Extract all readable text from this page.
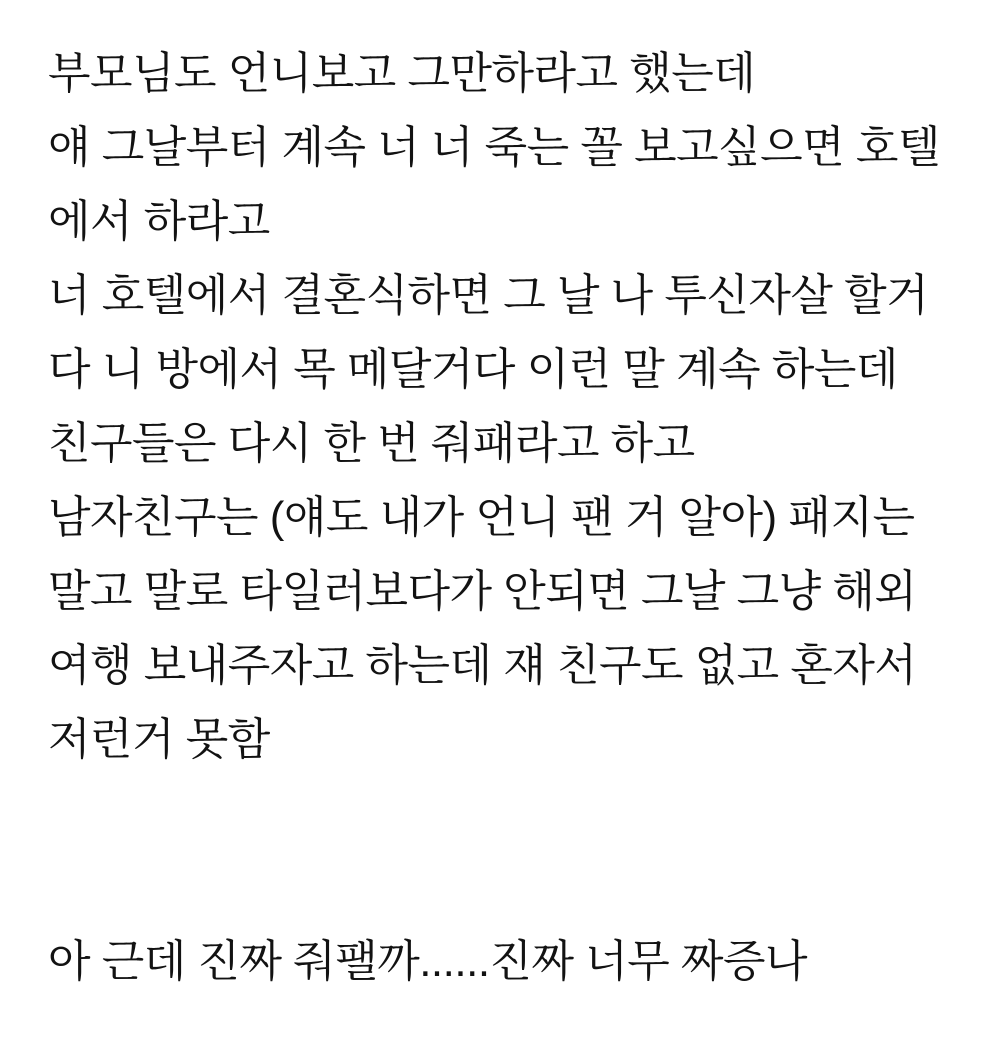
부모님도 언니보고 그만하라고 했는데
얘 그날부터 계속 너 너 죽는 꼴 보고싶으면 호텔
에서 하라고
너 호텔에서 결혼식하면 그 날 나 투신자살 할거
다 니 방에서 목 메달거다 이런 말 계속 하는데
친구들은 다시 한 번 줘패라고 하고
남자친구는 (얘도 내가 언니 팬 거 알아) 패지는
말고 말로 타일러보다가 안되면 그날 그냥 해외
여행 보내주자고 하는데 쟤 친구도 없고 혼자서
저런거 못함

아 근데 진짜 줘팰까......진짜 너무 짜증나
